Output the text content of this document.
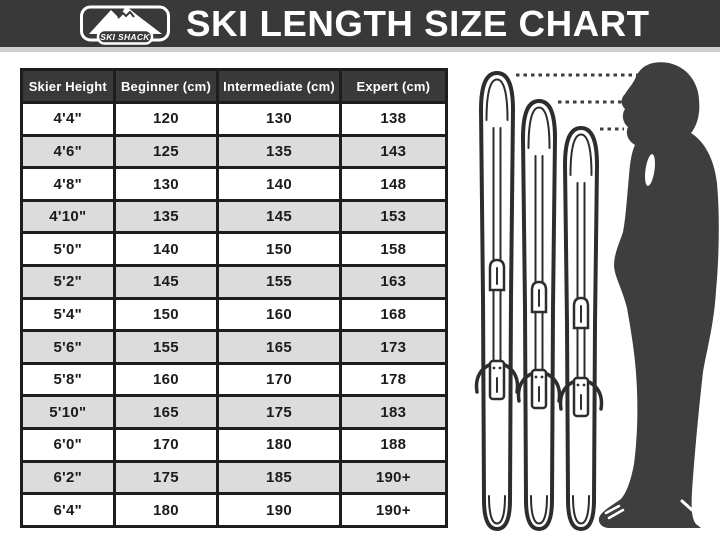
SKI SHACK SKI LENGTH SIZE CHART
Skier Height	Beginner (cm)	Intermediate (cm)	Expert (cm)
4'4"	120	130	138
4'6"	125	135	143
4'8"	130	140	148
4'10"	135	145	153
5'0"	140	150	158
5'2"	145	155	163
5'4"	150	160	168
5'6"	155	165	173
5'8"	160	170	178
5'10"	165	175	183
6'0"	170	180	188
6'2"	175	185	190+
6'4"	180	190	190+
